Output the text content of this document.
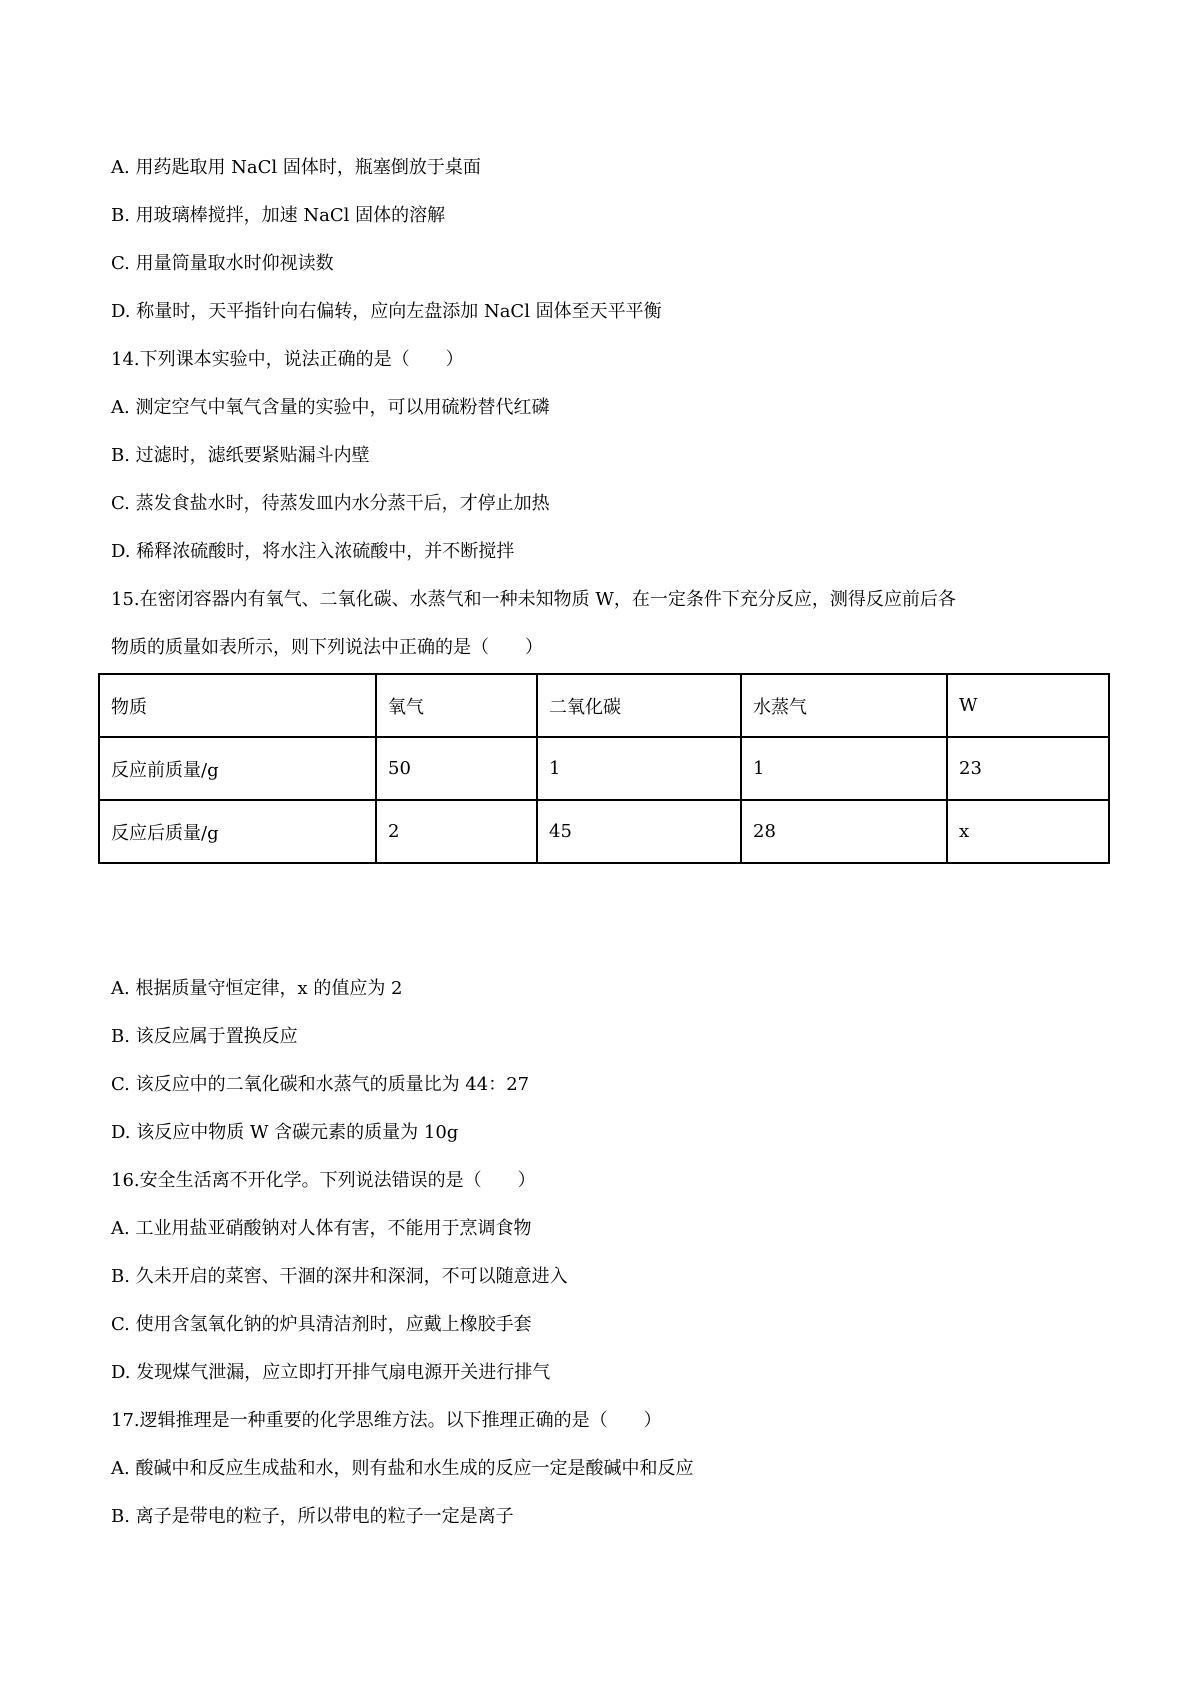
A. 用药匙取用 NaCl 固体时，瓶塞倒放于桌面
B. 用玻璃棒搅拌，加速 NaCl 固体的溶解
C. 用量筒量取水时仰视读数
D. 称量时，天平指针向右偏转，应向左盘添加 NaCl 固体至天平平衡
14.下列课本实验中，说法正确的是（　　）
A. 测定空气中氧气含量的实验中，可以用硫粉替代红磷
B. 过滤时，滤纸要紧贴漏斗内壁
C. 蒸发食盐水时，待蒸发皿内水分蒸干后，才停止加热
D. 稀释浓硫酸时，将水注入浓硫酸中，并不断搅拌
15.在密闭容器内有氧气、二氧化碳、水蒸气和一种未知物质 W，在一定条件下充分反应，测得反应前后各
物质的质量如表所示，则下列说法中正确的是（　　）
物质	氧气	二氧化碳	水蒸气	W
反应前质量/g	50	1	1	23
反应后质量/g	2	45	28	x
A. 根据质量守恒定律，x 的值应为 2
B. 该反应属于置换反应
C. 该反应中的二氧化碳和水蒸气的质量比为 44：27
D. 该反应中物质 W 含碳元素的质量为 10g
16.安全生活离不开化学。下列说法错误的是（　　）
A. 工业用盐亚硝酸钠对人体有害，不能用于烹调食物
B. 久未开启的菜窖、干涸的深井和深洞，不可以随意进入
C. 使用含氢氧化钠的炉具清洁剂时，应戴上橡胶手套
D. 发现煤气泄漏，应立即打开排气扇电源开关进行排气
17.逻辑推理是一种重要的化学思维方法。以下推理正确的是（　　）
A. 酸碱中和反应生成盐和水，则有盐和水生成的反应一定是酸碱中和反应
B. 离子是带电的粒子，所以带电的粒子一定是离子
